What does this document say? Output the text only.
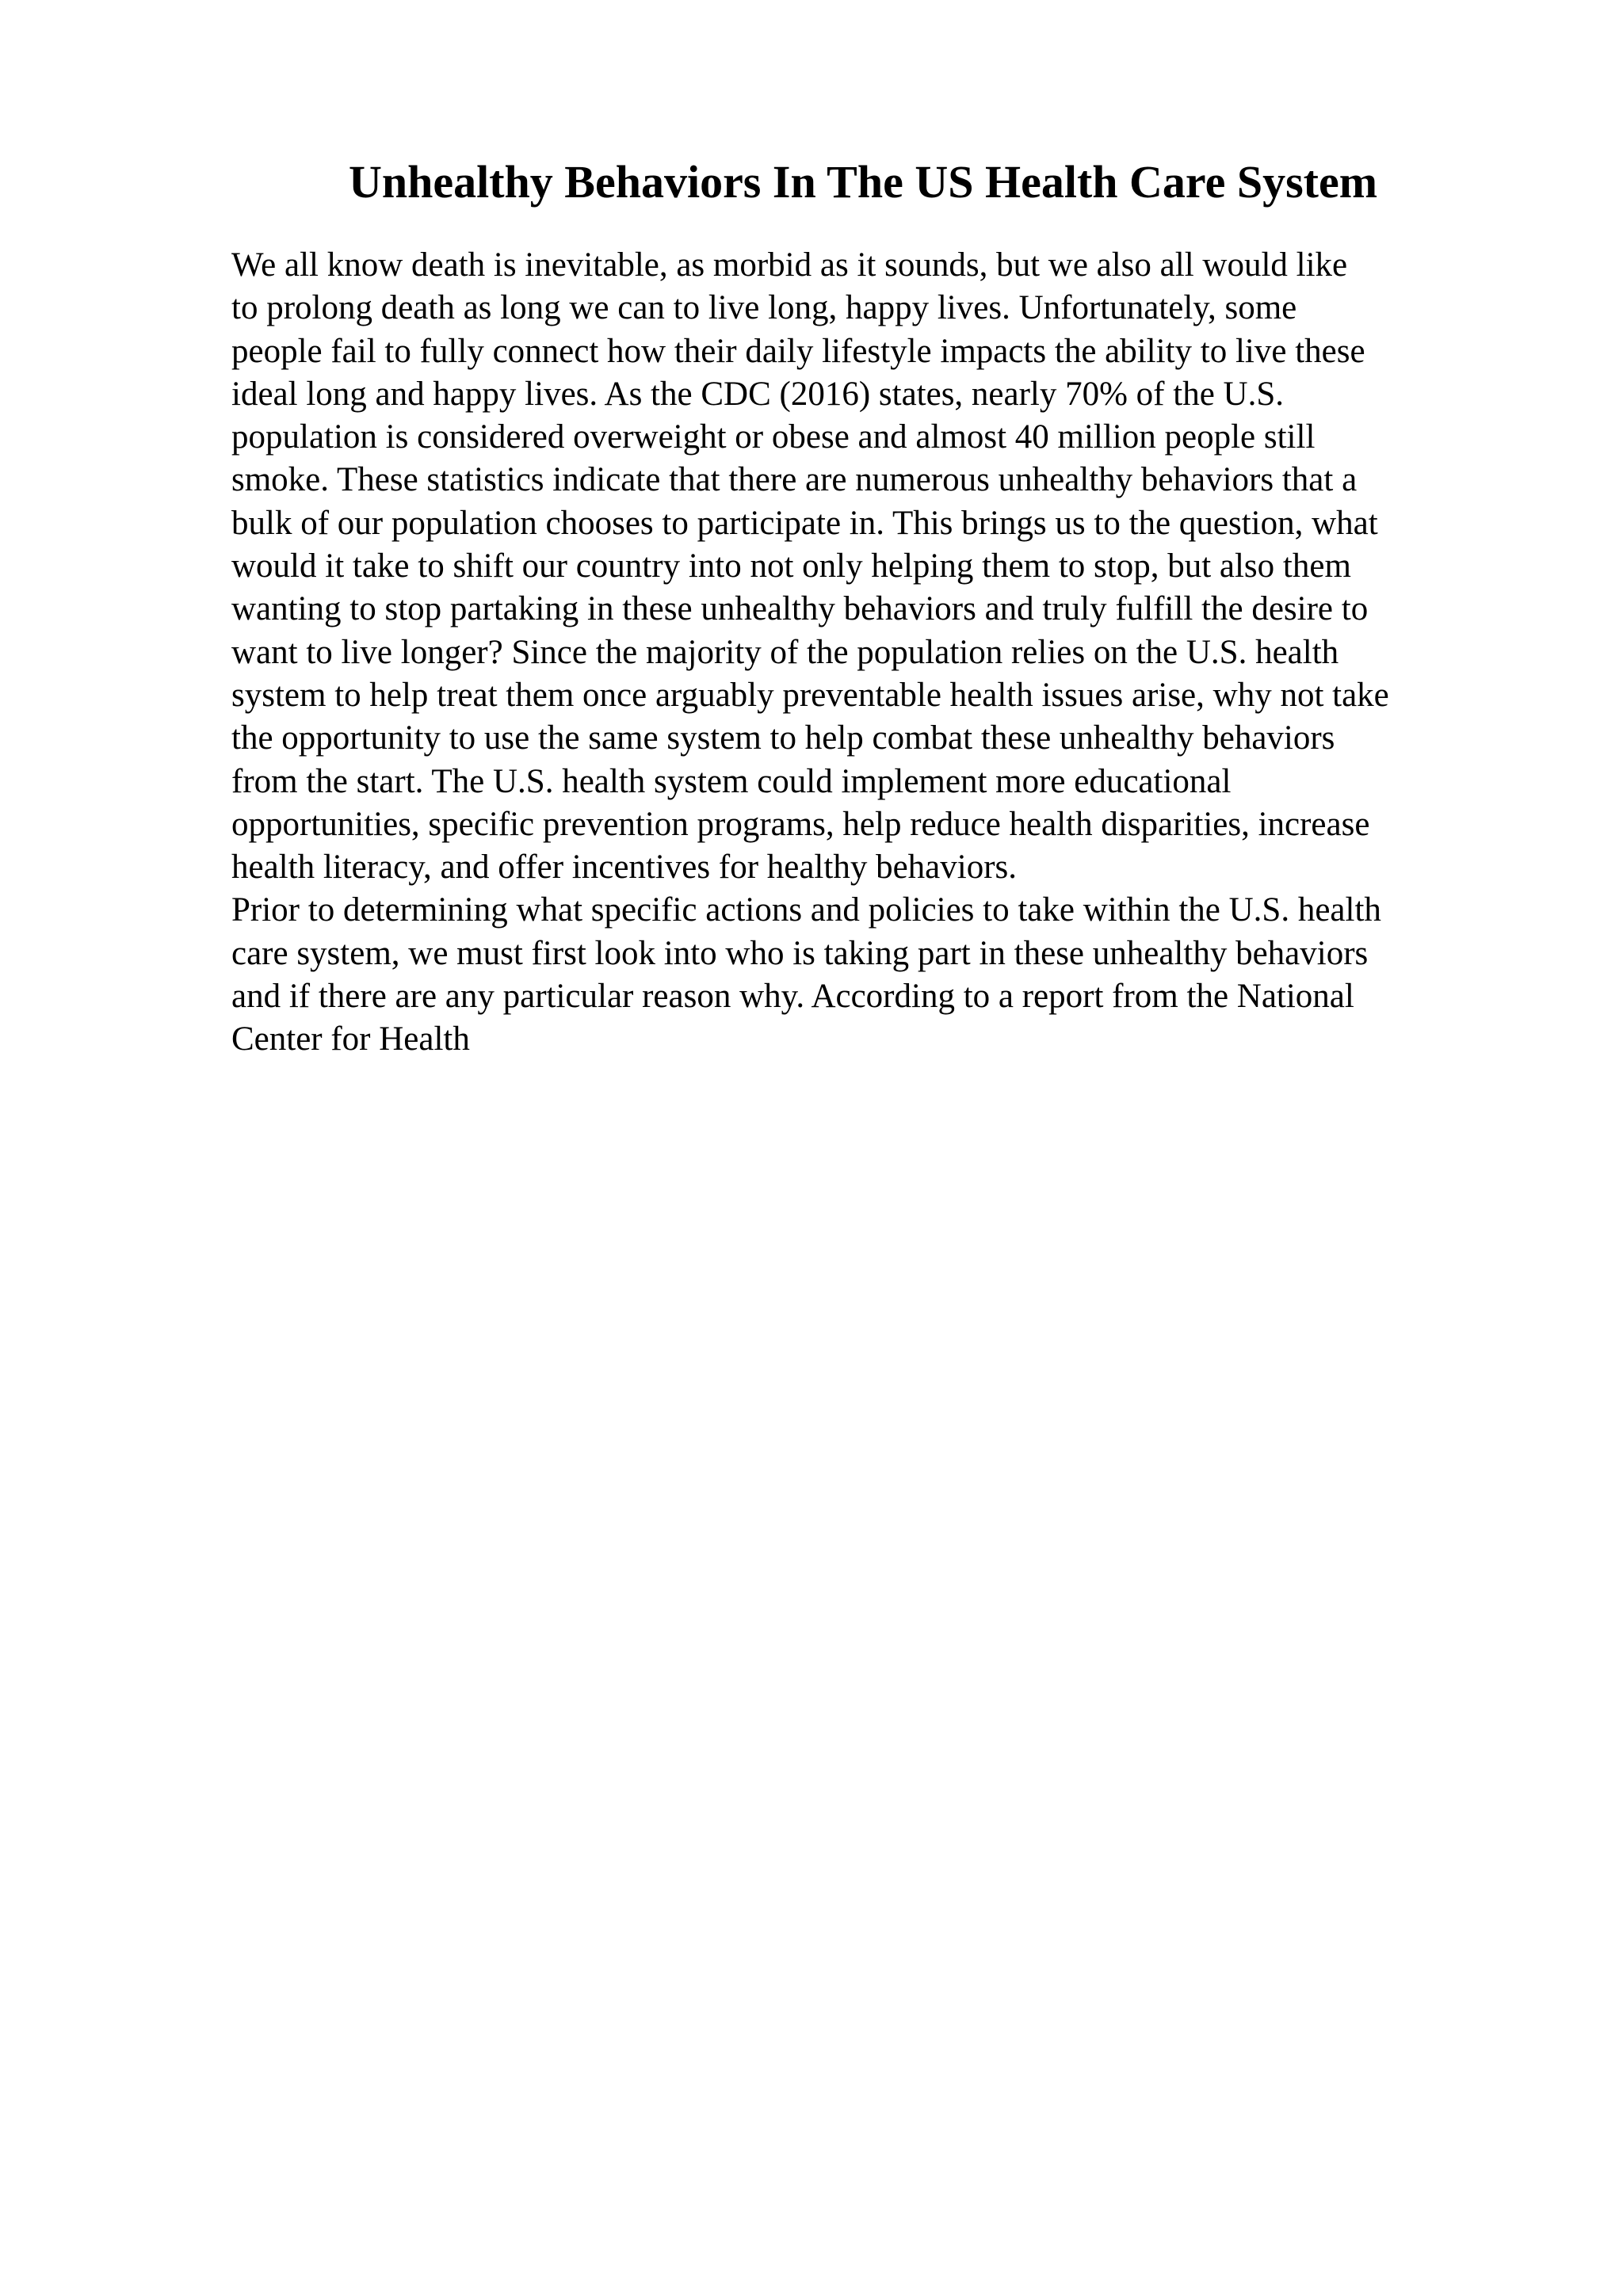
Unhealthy Behaviors In The US Health Care System
We all know death is inevitable, as morbid as it sounds, but we also all would like
to prolong death as long we can to live long, happy lives. Unfortunately, some
people fail to fully connect how their daily lifestyle impacts the ability to live these
ideal long and happy lives. As the CDC (2016) states, nearly 70% of the U.S.
population is considered overweight or obese and almost 40 million people still
smoke. These statistics indicate that there are numerous unhealthy behaviors that a
bulk of our population chooses to participate in. This brings us to the question, what
would it take to shift our country into not only helping them to stop, but also them
wanting to stop partaking in these unhealthy behaviors and truly fulfill the desire to
want to live longer? Since the majority of the population relies on the U.S. health
system to help treat them once arguably preventable health issues arise, why not take
the opportunity to use the same system to help combat these unhealthy behaviors
from the start. The U.S. health system could implement more educational
opportunities, specific prevention programs, help reduce health disparities, increase
health literacy, and offer incentives for healthy behaviors.
Prior to determining what specific actions and policies to take within the U.S. health
care system, we must first look into who is taking part in these unhealthy behaviors
and if there are any particular reason why. According to a report from the National
Center for Health
